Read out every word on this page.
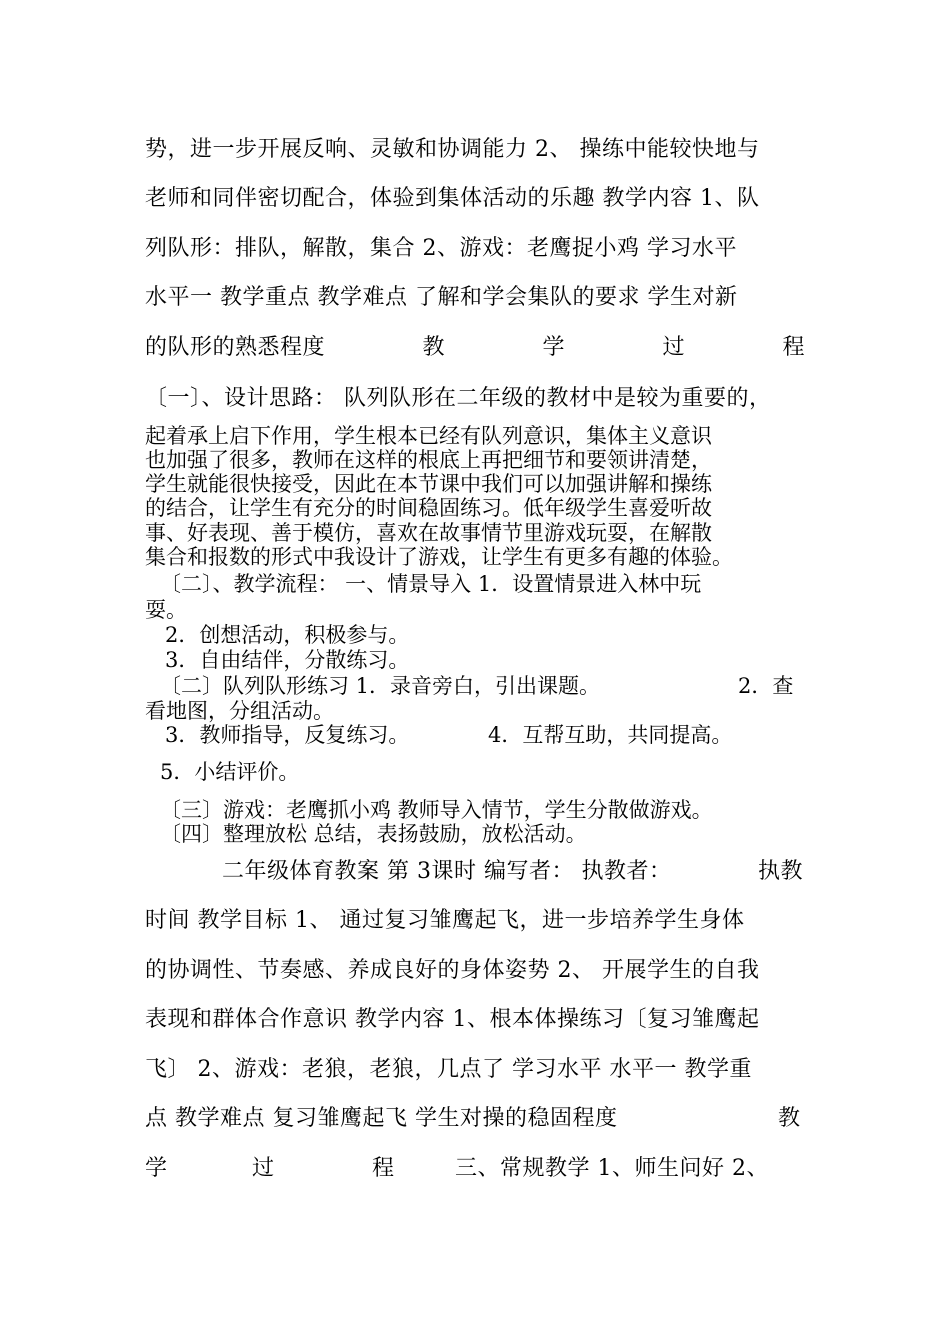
势，进一步开展反响、灵敏和协调能力 2、 操练中能较快地与
老师和同伴密切配合，体验到集体活动的乐趣 教学内容 1、队
列队形：排队，解散，集合 2、游戏：老鹰捉小鸡 学习水平
水平一 教学重点 教学难点 了解和学会集队的要求 学生对新
的队形的熟悉程度	教	学	过	程
〔一〕、设计思路： 队列队形在二年级的教材中是较为重要的，
起着承上启下作用，学生根本已经有队列意识，集体主义意识
也加强了很多，教师在这样的根底上再把细节和要领讲清楚，
学生就能很快接受，因此在本节课中我们可以加强讲解和操练
的结合，让学生有充分的时间稳固练习。低年级学生喜爱听故
事、好表现、善于模仿，喜欢在故事情节里游戏玩耍，在解散
集合和报数的形式中我设计了游戏，让学生有更多有趣的体验。
〔二〕、教学流程： 一、情景导入 1．设置情景进入林中玩
耍。
2．创想活动，积极参与。
3．自由结伴，分散练习。
〔二〕队列队形练习 1．录音旁白，引出课题。	2．查
看地图，分组活动。
3．教师指导，反复练习。	4．互帮互助，共同提高。
5．小结评价。
〔三〕游戏：老鹰抓小鸡 教师导入情节，学生分散做游戏。
〔四〕整理放松 总结，表扬鼓励，放松活动。
二年级体育教案 第 3课时 编写者： 执教者：	执教
时间 教学目标 1、 通过复习雏鹰起飞，进一步培养学生身体
的协调性、节奏感、养成良好的身体姿势 2、 开展学生的自我
表现和群体合作意识 教学内容 1、根本体操练习〔复习雏鹰起
飞〕 2、游戏：老狼，老狼，几点了 学习水平 水平一 教学重
点 教学难点 复习雏鹰起飞 学生对操的稳固程度	教
学	过	程	三、常规教学 1、师生问好 2、
